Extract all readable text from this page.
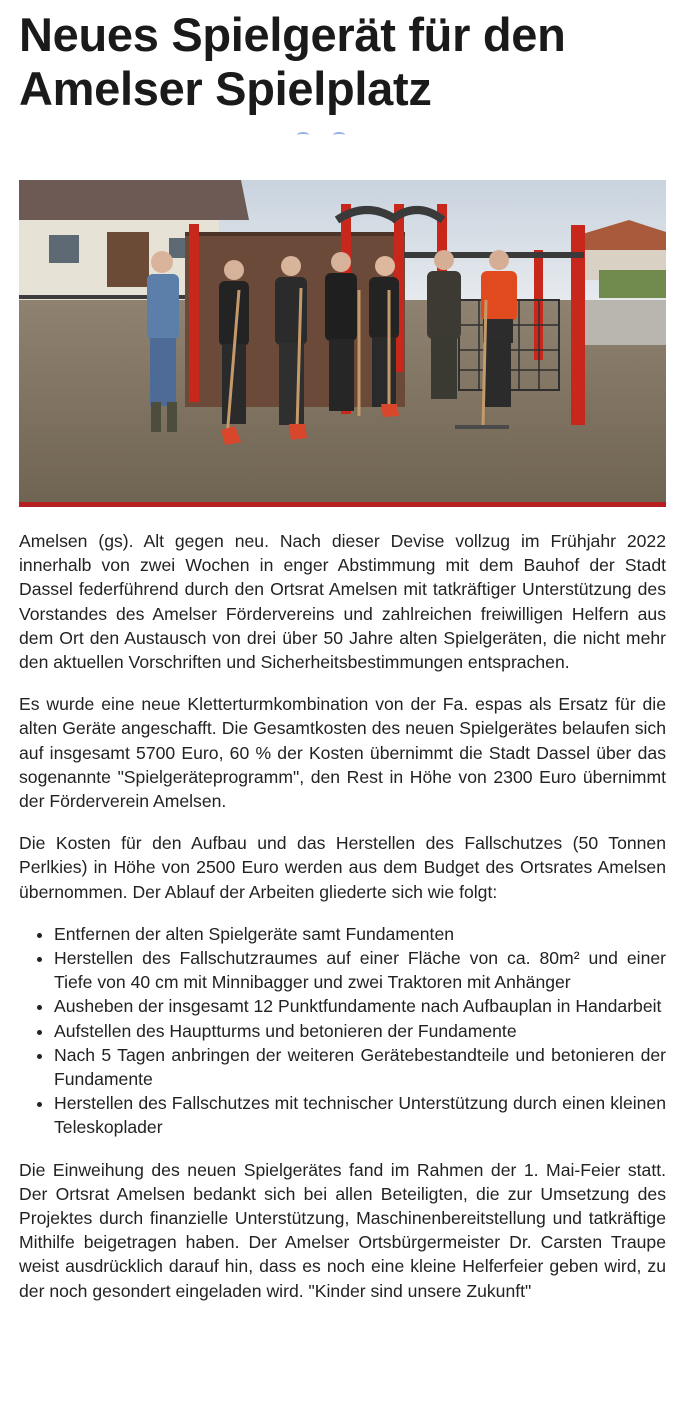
Neues Spielgerät für den Amelser Spielplatz

Amelsen (gs). Alt gegen neu. Nach dieser Devise vollzug im Frühjahr 2022 innerhalb von zwei Wochen in enger Abstimmung mit dem Bauhof der Stadt Dassel federführend durch den Ortsrat Amelsen mit tatkräftiger Unterstützung des Vorstandes des Amelser Fördervereins und zahlreichen freiwilligen Helfern aus dem Ort den Austausch von drei über 50 Jahre alten Spielgeräten, die nicht mehr den aktuellen Vorschriften und Sicherheitsbestimmungen entsprachen.

Es wurde eine neue Kletterturmkombination von der Fa. espas als Ersatz für die alten Geräte angeschafft. Die Gesamtkosten des neuen Spielgerätes belaufen sich auf insgesamt 5700 Euro, 60 % der Kosten übernimmt die Stadt Dassel über das sogenannte "Spielgeräteprogramm", den Rest in Höhe von 2300 Euro übernimmt der Förderverein Amelsen.

Die Kosten für den Aufbau und das Herstellen des Fallschutzes (50 Tonnen Perlkies) in Höhe von 2500 Euro werden aus dem Budget des Ortsrates Amelsen übernommen. Der Ablauf der Arbeiten gliederte sich wie folgt:

• Entfernen der alten Spielgeräte samt Fundamenten
• Herstellen des Fallschutzraumes auf einer Fläche von ca. 80m² und einer Tiefe von 40 cm mit Minnibagger und zwei Traktoren mit Anhänger
• Ausheben der insgesamt 12 Punktfundamente nach Aufbauplan in Handarbeit
• Aufstellen des Hauptturms und betonieren der Fundamente
• Nach 5 Tagen anbringen der weiteren Gerätebestandteile und betonieren der Fundamente
• Herstellen des Fallschutzes mit technischer Unterstützung durch einen kleinen Teleskoplader

Die Einweihung des neuen Spielgerätes fand im Rahmen der 1. Mai-Feier statt. Der Ortsrat Amelsen bedankt sich bei allen Beteiligten, die zur Umsetzung des Projektes durch finanzielle Unterstützung, Maschinenbereitstellung und tatkräftige Mithilfe beigetragen haben. Der Amelser Ortsbürgermeister Dr. Carsten Traupe weist ausdrücklich darauf hin, dass es noch eine kleine Helferfeier geben wird, zu der noch gesondert eingeladen wird. "Kinder sind unsere Zukunft"
